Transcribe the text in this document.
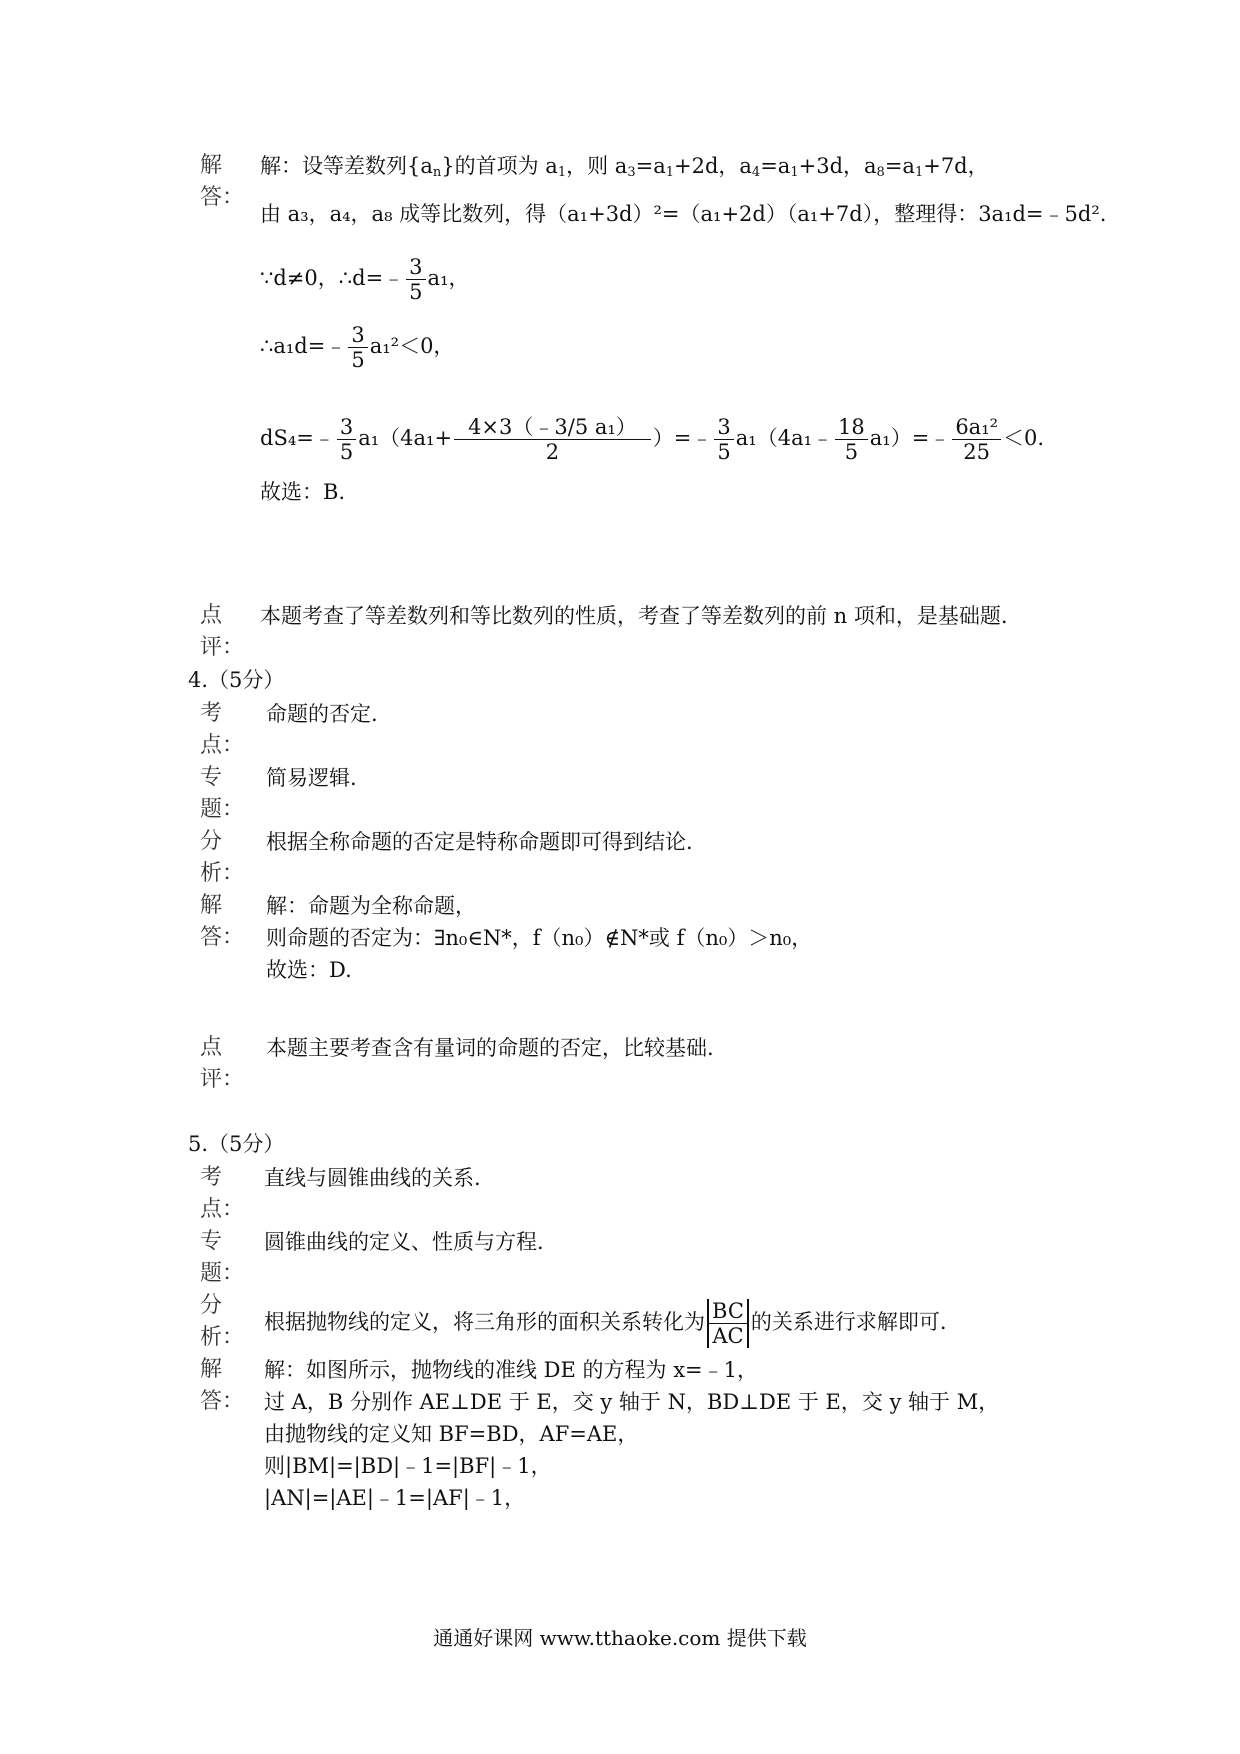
解
答：
解：设等差数列$\{a_n\}$的首项为 $a_1$，则 $a_3=a_1+2d$，$a_4=a_1+3d$，$a_8=a_1+7d$，
由 a₃，a₄，a₈ 成等比数列，得（a₁+3d）²=（a₁+2d）（a₁+7d），整理得：3a₁d=﹣5d².
∵d≠0，∴d=﹣ $\frac{3}{5} a_1$，
∴a₁d=﹣ $\frac{3}{5} a_1^2<0$，
dS₄=﹣ $\frac{3}{5} a_1(4a_1+ \frac{\text{4×3（﹣3/5 a₁）}}{2}$ ）=﹣ $\frac{3}{5}$ a₁（4a₁﹣ $\frac{18}{5}$ a₁）=﹣ $\frac{\text{6a₁²}}{25} <0$.
故选：B.
点
评：
本题考查了等差数列和等比数列的性质，考查了等差数列的前 n 项和，是基础题.
4.（5分）
考
点：
命题的否定.
专
题：
简易逻辑.
分
析：
根据全称命题的否定是特称命题即可得到结论.
解
答：
解：命题为全称命题，
则命题的否定为：∃n₀∈N*，f（n₀）∉N*或 f（n₀）＞n₀，
故选：D.
点
评：
本题主要考查含有量词的命题的否定，比较基础.
5.（5分）
考
点：
直线与圆锥曲线的关系.
专
题：
圆锥曲线的定义、性质与方程.
分
析：
根据抛物线的定义，将三角形的面积关系转化为 $\frac{BC}{AC}$ 的关系进行求解即可.
解
答：
解：如图所示，抛物线的准线 DE 的方程为 x=﹣1，
过 A，B 分别作 AE⊥DE 于 E，交 y 轴于 N，BD⊥DE 于 E，交 y 轴于 M，
由抛物线的定义知 BF=BD，AF=AE，
则|BM|=|BD|﹣1=|BF|﹣1，
|AN|=|AE|﹣1=|AF|﹣1，
通通好课网 www.tthaoke.com 提供下载
